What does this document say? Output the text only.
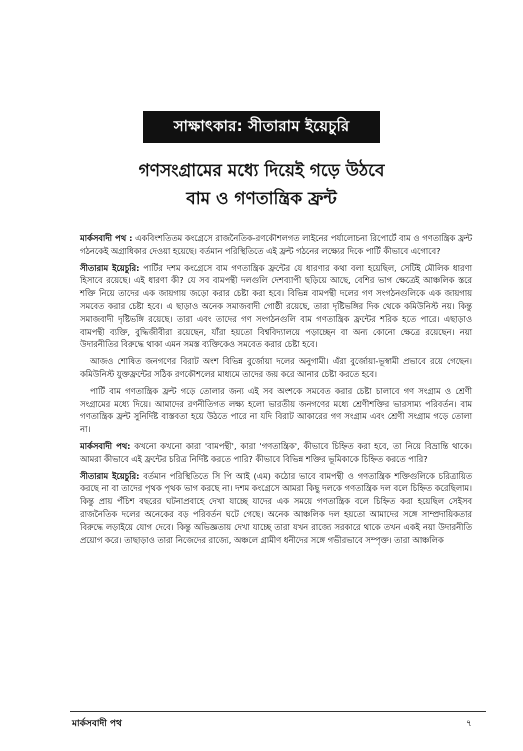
সাক্ষাৎকার: সীতারাম ইয়েচুরি
গণসংগ্রামের মধ্যে দিয়েই গড়ে উঠবে
বাম ও গণতান্ত্রিক ফ্রন্ট

মার্কসবাদী পথ : একবিংশতিতম কংগ্রেসে রাজনৈতিক-রণকৌশলগত লাইনের পর্যালোচনা রিপোর্টে বাম ও গণতান্ত্রিক ফ্রন্ট গঠনকেই অগ্রাধিকার দেওয়া হয়েছে। বর্তমান পরিস্থিতিতে এই ফ্রন্ট গঠনের লক্ষ্যের দিকে পার্টি কীভাবে এগোবে?

সীতারাম ইয়েচুরি: পার্টির দশম কংগ্রেসে বাম গণতান্ত্রিক ফ্রন্টের যে ধারণার কথা বলা হয়েছিল, সেটিই মৌলিক ধারণা হিসাবে রয়েছে। এই ধারণা কী? যে সব বামপন্থী দলগুলি দেশব্যাপী ছড়িয়ে আছে, বেশির ভাগ ক্ষেত্রেই আঞ্চলিক স্তরে শক্তি নিয়ে তাদের এক জায়গায় জড়ো করার চেষ্টা করা হবে। বিভিন্ন বামপন্থী দলের গণ সংগঠনগুলিকে এক জায়গায় সমবেত করার চেষ্টা হবে। এ ছাড়াও অনেক সমাজবাদী গোষ্ঠী রয়েছে, তারা দৃষ্টিভঙ্গির দিক থেকে কমিউনিস্ট নয়। কিন্তু সমাজবাদী দৃষ্টিভঙ্গি রয়েছে। তারা এবং তাদের গণ সংগঠনগুলি বাম গণতান্ত্রিক ফ্রন্টের শরিক হতে পারে। এছাড়াও বামপন্থী ব্যক্তি, বুদ্ধিজীবীরা রয়েছেন, যাঁরা হয়তো বিশ্ববিদ্যালয়ে পড়াচ্ছেন বা অন্য কোনো ক্ষেত্রে রয়েছেন। নয়া উদারনীতির বিরুদ্ধে থাকা এমন সমস্ত ব্যক্তিকেও সমবেত করার চেষ্টা হবে।

আজও শোষিত জনগণের বিরাট অংশ বিভিন্ন বুর্জোয়া দলের অনুগামী। এঁরা বুর্জোয়া-ভূস্বামী প্রভাবে রয়ে গেছেন। কমিউনিস্ট যুক্তফ্রন্টের সঠিক রণকৌশলের মাধ্যমে তাদের জয় করে আনার চেষ্টা করতে হবে।

পার্টি বাম গণতান্ত্রিক ফ্রন্ট গড়ে তোলার জন্য এই সব অংশকে সমবেত করার চেষ্টা চালাবে গণ সংগ্রাম ও শ্রেণী সংগ্রামের মধ্যে দিয়ে। আমাদের রণনীতিগত লক্ষ্য হলো ভারতীয় জনগণের মধ্যে শ্রেণীশক্তির ভারসাম্য পরিবর্তন। বাম গণতান্ত্রিক ফ্রন্ট সুনির্দিষ্ট বাস্তবতা হয়ে উঠতে পারে না যদি বিরাট আকারের গণ সংগ্রাম এবং শ্রেণী সংগ্রাম গড়ে তোলা না।

মার্কসবাদী পথ: কখনো কখনো কারা 'বামপন্থী', কারা 'গণতান্ত্রিক', কীভাবে চিহ্নিত করা হবে, তা নিয়ে বিভ্রান্তি থাকে। আমরা কীভাবে এই ফ্রন্টের চরিত্র নির্দিষ্ট করতে পারি? কীভাবে বিভিন্ন শক্তির ভূমিকাকে চিহ্নিত করতে পারি?

সীতারাম ইয়েচুরি: বর্তমান পরিস্থিতিতে সি পি আই (এম) কঠোর ভাবে বামপন্থী ও গণতান্ত্রিক শক্তিগুলিকে চরিত্রায়িত করছে না বা তাদের পৃথক পৃথক ভাগ করছে না। দশম কংগ্রেসে আমরা কিছু দলকে গণতান্ত্রিক দল বলে চিহ্নিত করেছিলাম। কিন্তু প্রায় পঁচিশ বছরের ঘটনাপ্রবাহে দেখা যাচ্ছে যাদের এক সময়ে গণতান্ত্রিক বলে চিহ্নিত করা হয়েছিল সেইসব রাজনৈতিক দলের অনেকের বড় পরিবর্তন ঘটে গেছে। অনেক আঞ্চলিক দল হয়তো আমাদের সঙ্গে সাম্প্রদায়িকতার বিরুদ্ধে লড়াইয়ে যোগ দেবে। কিন্তু অভিজ্ঞতায় দেখা যাচ্ছে তারা যখন রাজ্যে সরকারে থাকে তখন একই নয়া উদারনীতি প্রয়োগ করে। তাছাড়াও তারা নিজেদের রাজ্যে, অঞ্চলে গ্রামীণ ধনীদের সঙ্গে গভীরভাবে সম্পৃক্ত। তারা আঞ্চলিক

মার্কসবাদী পথ	৭
